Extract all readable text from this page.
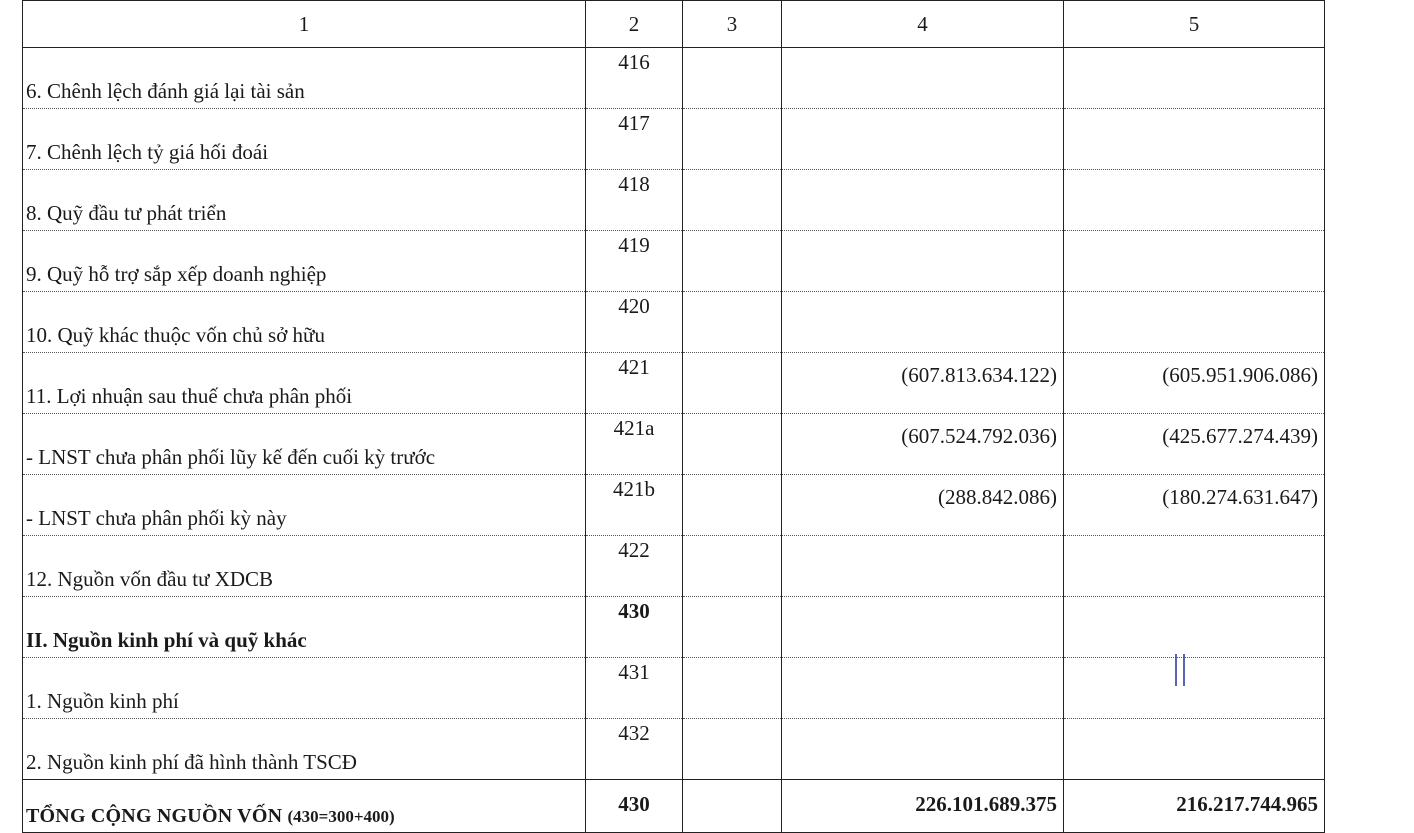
1	2	3	4	5
6. Chênh lệch đánh giá lại tài sản	416			
7. Chênh lệch tỷ giá hối đoái	417			
8. Quỹ đầu tư phát triển	418			
9. Quỹ hỗ trợ sắp xếp doanh nghiệp	419			
10. Quỹ khác thuộc vốn chủ sở hữu	420			
11. Lợi nhuận sau thuế chưa phân phối	421		(607.813.634.122)	(605.951.906.086)
- LNST chưa phân phối lũy kế đến cuối kỳ trước	421a		(607.524.792.036)	(425.677.274.439)
- LNST chưa phân phối kỳ này	421b		(288.842.086)	(180.274.631.647)
12. Nguồn vốn đầu tư XDCB	422			
II. Nguồn kinh phí và quỹ khác	430			
1. Nguồn kinh phí	431			
2. Nguồn kinh phí đã hình thành TSCĐ	432			
TỔNG CỘNG NGUỒN VỐN (430=300+400)	430		226.101.689.375	216.217.744.965
